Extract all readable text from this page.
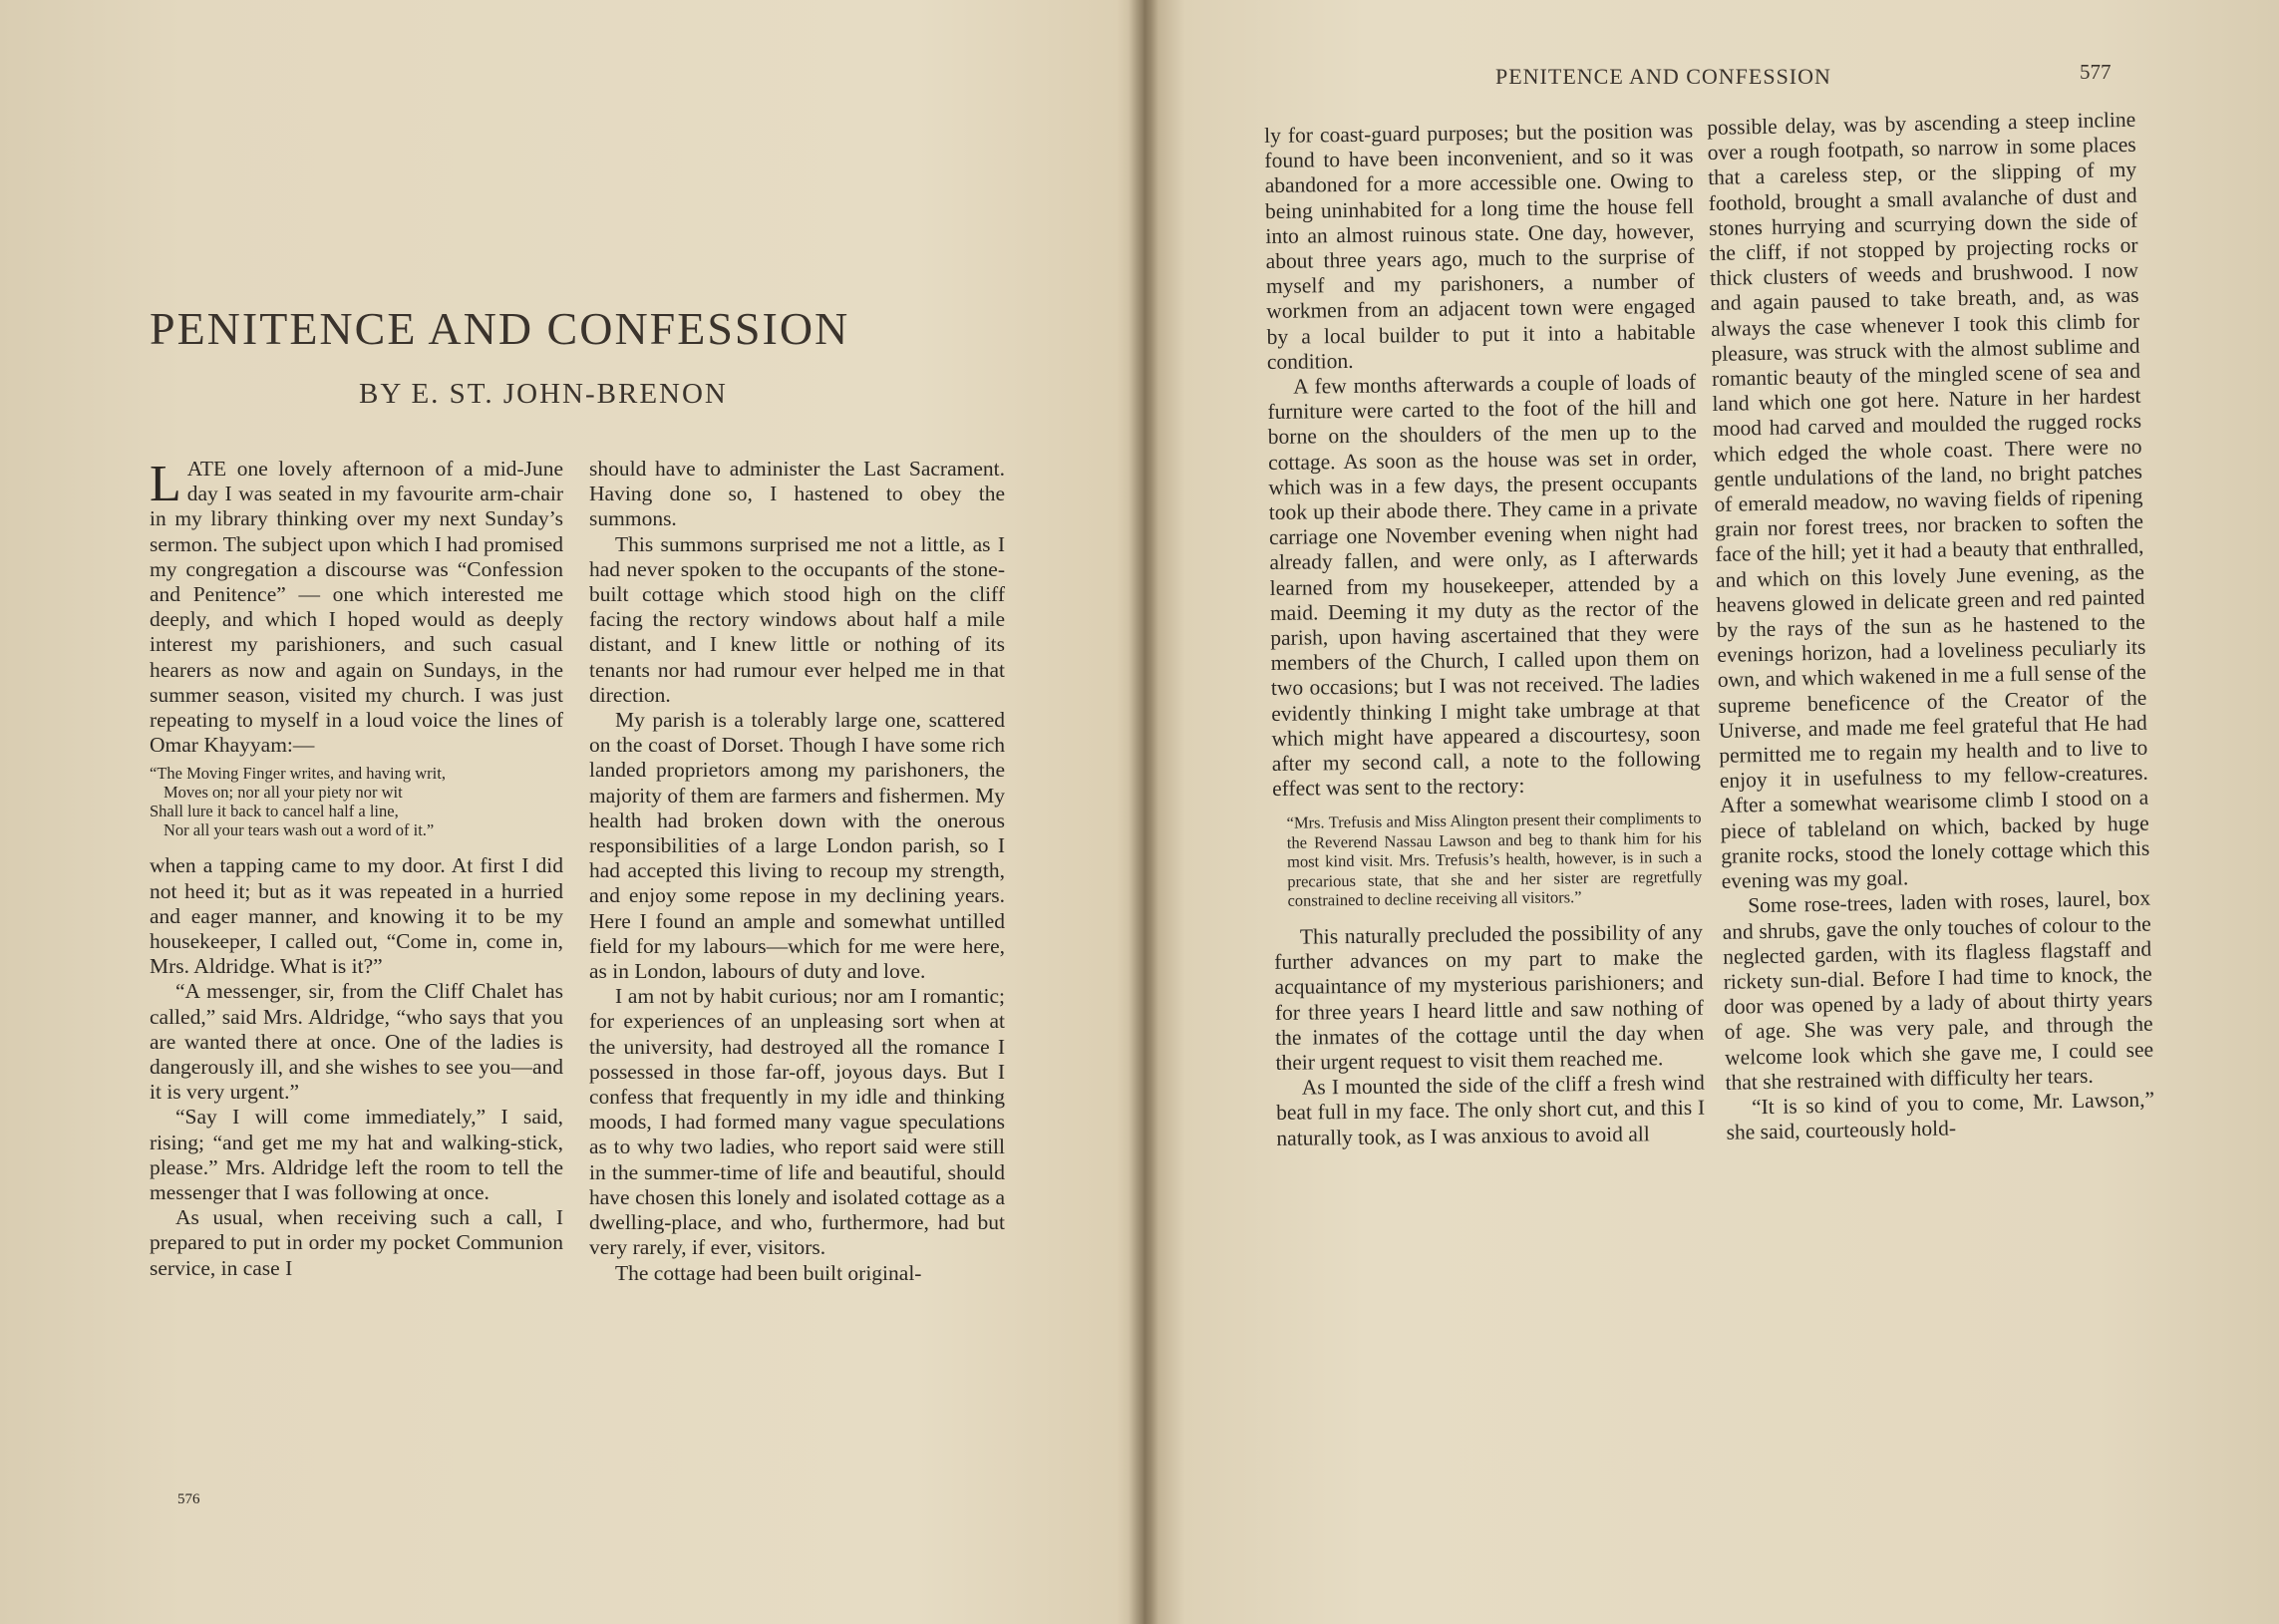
PENITENCE AND CONFESSION
BY E. ST. JOHN-BRENON

LATE one lovely afternoon of a mid-June day I was seated in my favourite arm-chair in my library thinking over my next Sunday’s sermon. The subject upon which I had promised my congregation a discourse was “Confession and Penitence” — one which interested me deeply, and which I hoped would as deeply interest my parishioners, and such casual hearers as now and again on Sundays, in the summer season, visited my church. I was just repeating to myself in a loud voice the lines of Omar Khayyam:—

“The Moving Finger writes, and having writ,
Moves on; nor all your piety nor wit
Shall lure it back to cancel half a line,
Nor all your tears wash out a word of it.”

when a tapping came to my door. At first I did not heed it; but as it was repeated in a hurried and eager manner, and knowing it to be my housekeeper, I called out, “Come in, come in, Mrs. Aldridge. What is it?”

“A messenger, sir, from the Cliff Chalet has called,” said Mrs. Aldridge, “who says that you are wanted there at once. One of the ladies is dangerously ill, and she wishes to see you—and it is very urgent.”

“Say I will come immediately,” I said, rising; “and get me my hat and walking-stick, please.” Mrs. Aldridge left the room to tell the messenger that I was following at once.

As usual, when receiving such a call, I prepared to put in order my pocket Communion service, in case I

should have to administer the Last Sacrament. Having done so, I hastened to obey the summons.

This summons surprised me not a little, as I had never spoken to the occupants of the stone-built cottage which stood high on the cliff facing the rectory windows about half a mile distant, and I knew little or nothing of its tenants nor had rumour ever helped me in that direction.

My parish is a tolerably large one, scattered on the coast of Dorset. Though I have some rich landed proprietors among my parishoners, the majority of them are farmers and fishermen. My health had broken down with the onerous responsibilities of a large London parish, so I had accepted this living to recoup my strength, and enjoy some repose in my declining years. Here I found an ample and somewhat untilled field for my labours—which for me were here, as in London, labours of duty and love.

I am not by habit curious; nor am I romantic; for experiences of an unpleasing sort when at the university, had destroyed all the romance I possessed in those far-off, joyous days. But I confess that frequently in my idle and thinking moods, I had formed many vague speculations as to why two ladies, who report said were still in the summer-time of life and beautiful, should have chosen this lonely and isolated cottage as a dwelling-place, and who, furthermore, had but very rarely, if ever, visitors.

The cottage had been built original-

576
PENITENCE AND CONFESSION	577

ly for coast-guard purposes; but the position was found to have been inconvenient, and so it was abandoned for a more accessible one. Owing to being uninhabited for a long time the house fell into an almost ruinous state. One day, however, about three years ago, much to the surprise of myself and my parishoners, a number of workmen from an adjacent town were engaged by a local builder to put it into a habitable condition.

A few months afterwards a couple of loads of furniture were carted to the foot of the hill and borne on the shoulders of the men up to the cottage. As soon as the house was set in order, which was in a few days, the present occupants took up their abode there. They came in a private carriage one November evening when night had already fallen, and were only, as I afterwards learned from my housekeeper, attended by a maid. Deeming it my duty as the rector of the parish, upon having ascertained that they were members of the Church, I called upon them on two occasions; but I was not received. The ladies evidently thinking I might take umbrage at that which might have appeared a discourtesy, soon after my second call, a note to the following effect was sent to the rectory:

“Mrs. Trefusis and Miss Alington present their compliments to the Reverend Nassau Lawson and beg to thank him for his most kind visit. Mrs. Trefusis’s health, however, is in such a precarious state, that she and her sister are regretfully constrained to decline receiving all visitors.”

This naturally precluded the possibility of any further advances on my part to make the acquaintance of my mysterious parishioners; and for three years I heard little and saw nothing of the inmates of the cottage until the day when their urgent request to visit them reached me.

As I mounted the side of the cliff a fresh wind beat full in my face. The only short cut, and this I naturally took, as I was anxious to avoid all

possible delay, was by ascending a steep incline over a rough footpath, so narrow in some places that a careless step, or the slipping of my foothold, brought a small avalanche of dust and stones hurrying and scurrying down the side of the cliff, if not stopped by projecting rocks or thick clusters of weeds and brushwood. I now and again paused to take breath, and, as was always the case whenever I took this climb for pleasure, was struck with the almost sublime and romantic beauty of the mingled scene of sea and land which one got here. Nature in her hardest mood had carved and moulded the rugged rocks which edged the whole coast. There were no gentle undulations of the land, no bright patches of emerald meadow, no waving fields of ripening grain nor forest trees, nor bracken to soften the face of the hill; yet it had a beauty that enthralled, and which on this lovely June evening, as the heavens glowed in delicate green and red painted by the rays of the sun as he hastened to the evenings horizon, had a loveliness peculiarly its own, and which wakened in me a full sense of the supreme beneficence of the Creator of the Universe, and made me feel grateful that He had permitted me to regain my health and to live to enjoy it in usefulness to my fellow-creatures. After a somewhat wearisome climb I stood on a piece of tableland on which, backed by huge granite rocks, stood the lonely cottage which this evening was my goal.

Some rose-trees, laden with roses, laurel, box and shrubs, gave the only touches of colour to the neglected garden, with its flagless flagstaff and rickety sun-dial. Before I had time to knock, the door was opened by a lady of about thirty years of age. She was very pale, and through the welcome look which she gave me, I could see that she restrained with difficulty her tears.

“It is so kind of you to come, Mr. Lawson,” she said, courteously hold-
